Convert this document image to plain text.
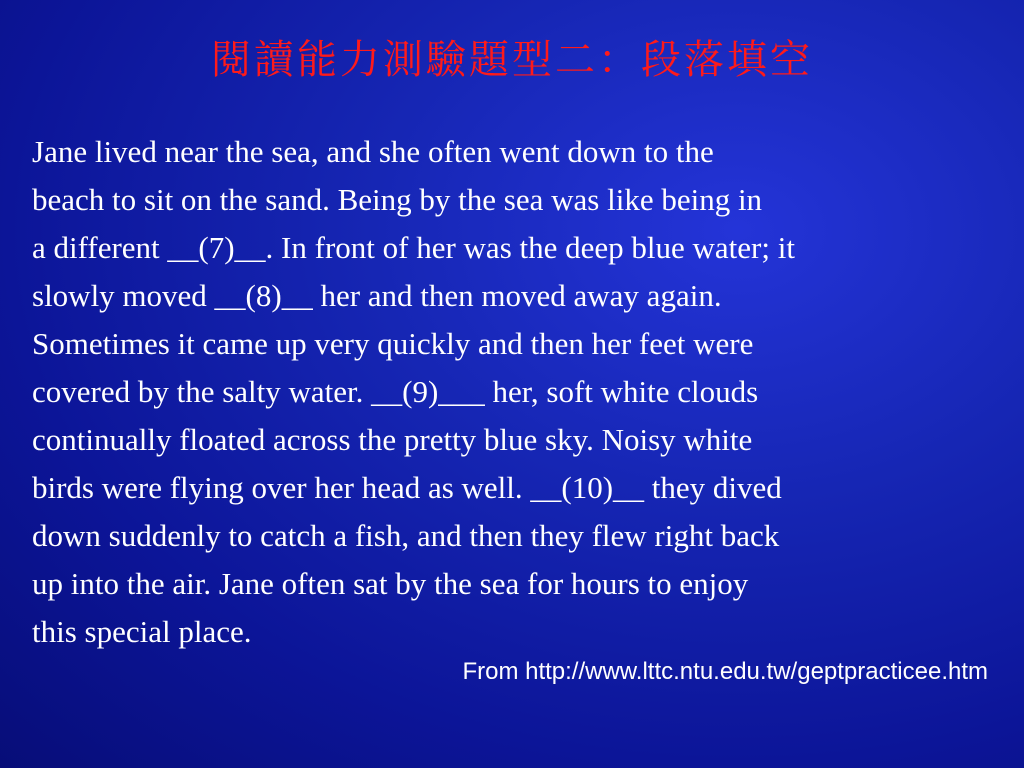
閱讀能力測驗題型二：段落填空
Jane lived near the sea, and she often went down to the
beach to sit on the sand. Being by the sea was like being in
a different __(7)__. In front of her was the deep blue water; it
slowly moved __(8)__ her and then moved away again.
Sometimes it came up very quickly and then her feet were
covered by the salty water. __(9)___ her, soft white clouds
continually floated across the pretty blue sky. Noisy white
birds were flying over her head as well. __(10)__ they dived
down suddenly to catch a fish, and then they flew right back
up into the air. Jane often sat by the sea for hours to enjoy
this special place.
From http://www.lttc.ntu.edu.tw/geptpracticee.htm
